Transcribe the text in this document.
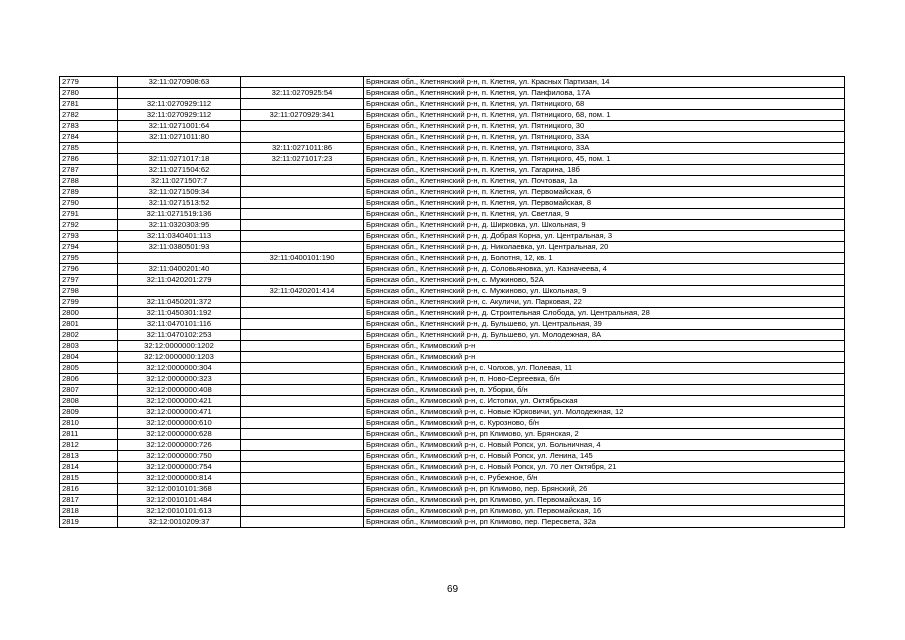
2779	32:11:0270908:63		Брянская обл., Клетнянский р-н, п. Клетня, ул. Красных Партизан, 14
2780		32:11:0270925:54	Брянская обл., Клетнянский р-н, п. Клетня, ул. Панфилова, 17А
2781	32:11:0270929:112		Брянская обл., Клетнянский р-н, п. Клетня, ул. Пятницкого, 68
2782	32:11:0270929:112	32:11:0270929:341	Брянская обл., Клетнянский р-н, п. Клетня, ул. Пятницкого, 68, пом. 1
2783	32:11:0271001:64		Брянская обл., Клетнянский р-н, п. Клетня, ул. Пятницкого, 30
2784	32:11:0271011:80		Брянская обл., Клетнянский р-н, п. Клетня, ул. Пятницкого, 33А
2785		32:11:0271011:86	Брянская обл., Клетнянский р-н, п. Клетня, ул. Пятницкого, 33А
2786	32:11:0271017:18	32:11:0271017:23	Брянская обл., Клетнянский р-н, п. Клетня, ул. Пятницкого, 45, пом. 1
2787	32:11:0271504:62		Брянская обл., Клетнянский р-н, п. Клетня, ул. Гагарина, 18б
2788	32:11:0271507:7		Брянская обл., Клетнянский р-н, п. Клетня, ул. Почтовая, 1а
2789	32:11:0271509:34		Брянская обл., Клетнянский р-н, п. Клетня, ул. Первомайская, 6
2790	32:11:0271513:52		Брянская обл., Клетнянский р-н, п. Клетня, ул. Первомайская, 8
2791	32:11:0271519:136		Брянская обл., Клетнянский р-н, п. Клетня, ул. Светлая, 9
2792	32:11:0320303:95		Брянская обл., Клетнянский р-н, д. Ширковка, ул. Школьная, 9
2793	32:11:0340401:113		Брянская обл., Клетнянский р-н, д. Добрая Корна, ул. Центральная, 3
2794	32:11:0380501:93		Брянская обл., Клетнянский р-н, д. Николаевка, ул. Центральная, 20
2795		32:11:0400101:190	Брянская обл., Клетнянский р-н, д. Болотня, 12, кв. 1
2796	32:11:0400201:40		Брянская обл., Клетнянский р-н, д. Соловьяновка, ул. Казначеева, 4
2797	32:11:0420201:279		Брянская обл., Клетнянский р-н, с. Мужиново, 52А
2798		32:11:0420201:414	Брянская обл., Клетнянский р-н, с. Мужиново, ул. Школьная, 9
2799	32:11:0450201:372		Брянская обл., Клетнянский р-н, с. Акуличи, ул. Парковая, 22
2800	32:11:0450301:192		Брянская обл., Клетнянский р-н, д. Строительная Слобода, ул. Центральная, 28
2801	32:11:0470101:116		Брянская обл., Клетнянский р-н, д. Бульшево, ул. Центральная, 39
2802	32:11:0470102:253		Брянская обл., Клетнянский р-н, д. Бульшево, ул. Молодежная, 8А
2803	32:12:0000000:1202		Брянская обл., Климовский р-н
2804	32:12:0000000:1203		Брянская обл., Климовский р-н
2805	32:12:0000000:304		Брянская обл., Климовский р-н, с. Чолхов, ул. Полевая, 11
2806	32:12:0000000:323		Брянская обл., Климовский р-н, п. Ново-Сергеевка, б/н
2807	32:12:0000000:408		Брянская обл., Климовский р-н, п. Уборки, б/н
2808	32:12:0000000:421		Брянская обл., Климовский р-н, с. Истопки, ул. Октябрьская
2809	32:12:0000000:471		Брянская обл., Климовский р-н, с. Новые Юрковичи, ул. Молодежная, 12
2810	32:12:0000000:610		Брянская обл., Климовский р-н, с. Курозново, б/н
2811	32:12:0000000:628		Брянская обл., Климовский р-н, рп Климово, ул. Брянская, 2
2812	32:12:0000000:726		Брянская обл., Климовский р-н, с. Новый Ропск, ул. Больничная, 4
2813	32:12:0000000:750		Брянская обл., Климовский р-н, с. Новый Ропск, ул. Ленина, 145
2814	32:12:0000000:754		Брянская обл., Климовский р-н, с. Новый Ропск, ул. 70 лет Октября, 21
2815	32:12:0000000:814		Брянская обл., Климовский р-н, с. Рубежное, б/н
2816	32:12:0010101:368		Брянская обл., Климовский р-н, рп Климово, пер. Брянский, 26
2817	32:12:0010101:484		Брянская обл., Климовский р-н, рп Климово, ул. Первомайская, 16
2818	32:12:0010101:613		Брянская обл., Климовский р-н, рп Климово, ул. Первомайская, 16
2819	32:12:0010209:37		Брянская обл., Климовский р-н, рп Климово, пер. Пересвета, 32а
69
